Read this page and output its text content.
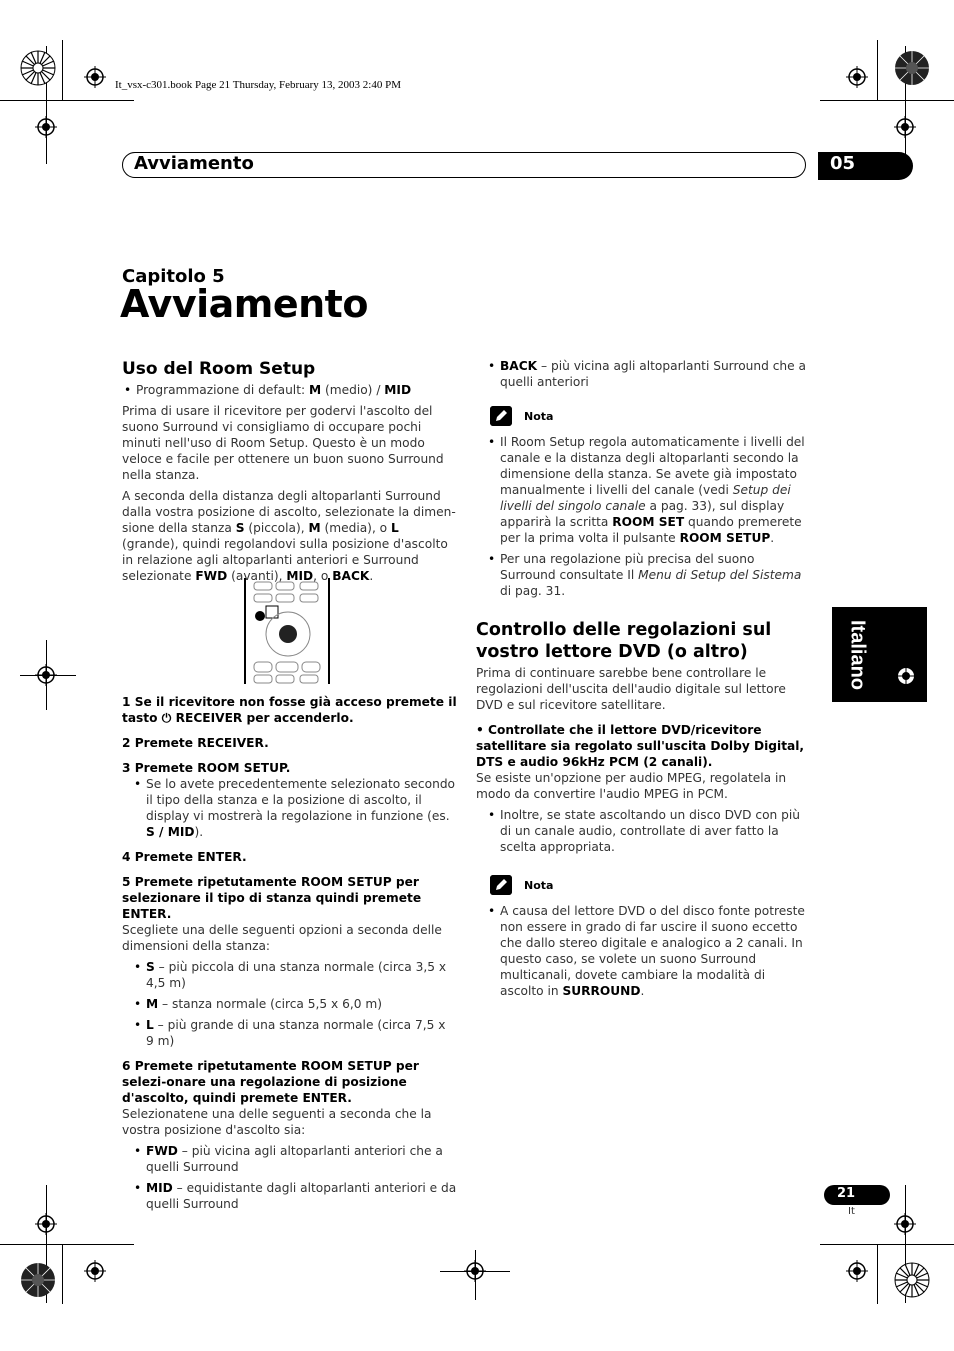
It_vsx-c301.book Page 21 Thursday, February 13, 2003 2:40 PM
Avviamento	05
Capitolo 5
Avviamento
Italiano
Uso del Room Setup
• Programmazione di default: M (medio) / MID
Prima di usare il ricevitore per godervi l'ascolto del suono Surround vi consigliamo di occupare pochi minuti nell'uso di Room Setup. Questo è un modo veloce e facile per ottenere un buon suono Surround nella stanza.
A seconda della distanza degli altoparlanti Surround dalla vostra posizione di ascolto, selezionate la dimen-sione della stanza S (piccola), M (media), o L (grande), quindi regolandovi sulla posizione d'ascolto in relazione agli altoparlanti anteriori e Surround selezionate FWD (avanti), MID, o BACK.
1 Se il ricevitore non fosse già acceso premete il tasto ⏻ RECEIVER per accenderlo.
2 Premete RECEIVER.
3 Premete ROOM SETUP.
• Se lo avete precedentemente selezionato secondo il tipo della stanza e la posizione di ascolto, il display vi mostrerà la regolazione in funzione (es. S / MID).
4 Premete ENTER.
5 Premete ripetutamente ROOM SETUP per selezionare il tipo di stanza quindi premete ENTER.
Scegliete una delle seguenti opzioni a seconda delle dimensioni della stanza:
• S – più piccola di una stanza normale (circa 3,5 x 4,5 m)
• M – stanza normale (circa 5,5 x 6,0 m)
• L – più grande di una stanza normale (circa 7,5 x 9 m)
6 Premete ripetutamente ROOM SETUP per selezi-onare una regolazione di posizione d'ascolto, quindi premete ENTER.
Selezionatene una delle seguenti a seconda che la vostra posizione d'ascolto sia:
• FWD – più vicina agli altoparlanti anteriori che a quelli Surround
• MID – equidistante dagli altoparlanti anteriori e da quelli Surround
• BACK – più vicina agli altoparlanti Surround che a quelli anteriori
Nota
• Il Room Setup regola automaticamente i livelli del canale e la distanza degli altoparlanti secondo la dimensione della stanza. Se avete già impostato manualmente i livelli del canale (vedi Setup dei livelli del singolo canale a pag. 33), sul display apparirà la scritta ROOM SET quando premerete per la prima volta il pulsante ROOM SETUP.
• Per una regolazione più precisa del suono Surround consultate Il Menu di Setup del Sistema di pag. 31.
Controllo delle regolazioni sul vostro lettore DVD (o altro)
Prima di continuare sarebbe bene controllare le regolazioni dell'uscita dell'audio digitale sul lettore DVD e sul ricevitore satellitare.
• Controllate che il lettore DVD/ricevitore satellitare sia regolato sull'uscita Dolby Digital, DTS e audio 96kHz PCM (2 canali).
Se esiste un'opzione per audio MPEG, regolatela in modo da convertire l'audio MPEG in PCM.
• Inoltre, se state ascoltando un disco DVD con più di un canale audio, controllate di aver fatto la scelta appropriata.
Nota
• A causa del lettore DVD o del disco fonte potreste non essere in grado di far uscire il suono eccetto che dallo stereo digitale e analogico a 2 canali. In questo caso, se volete un suono Surround multicanali, dovete cambiare la modalità di ascolto in SURROUND.
21
It
